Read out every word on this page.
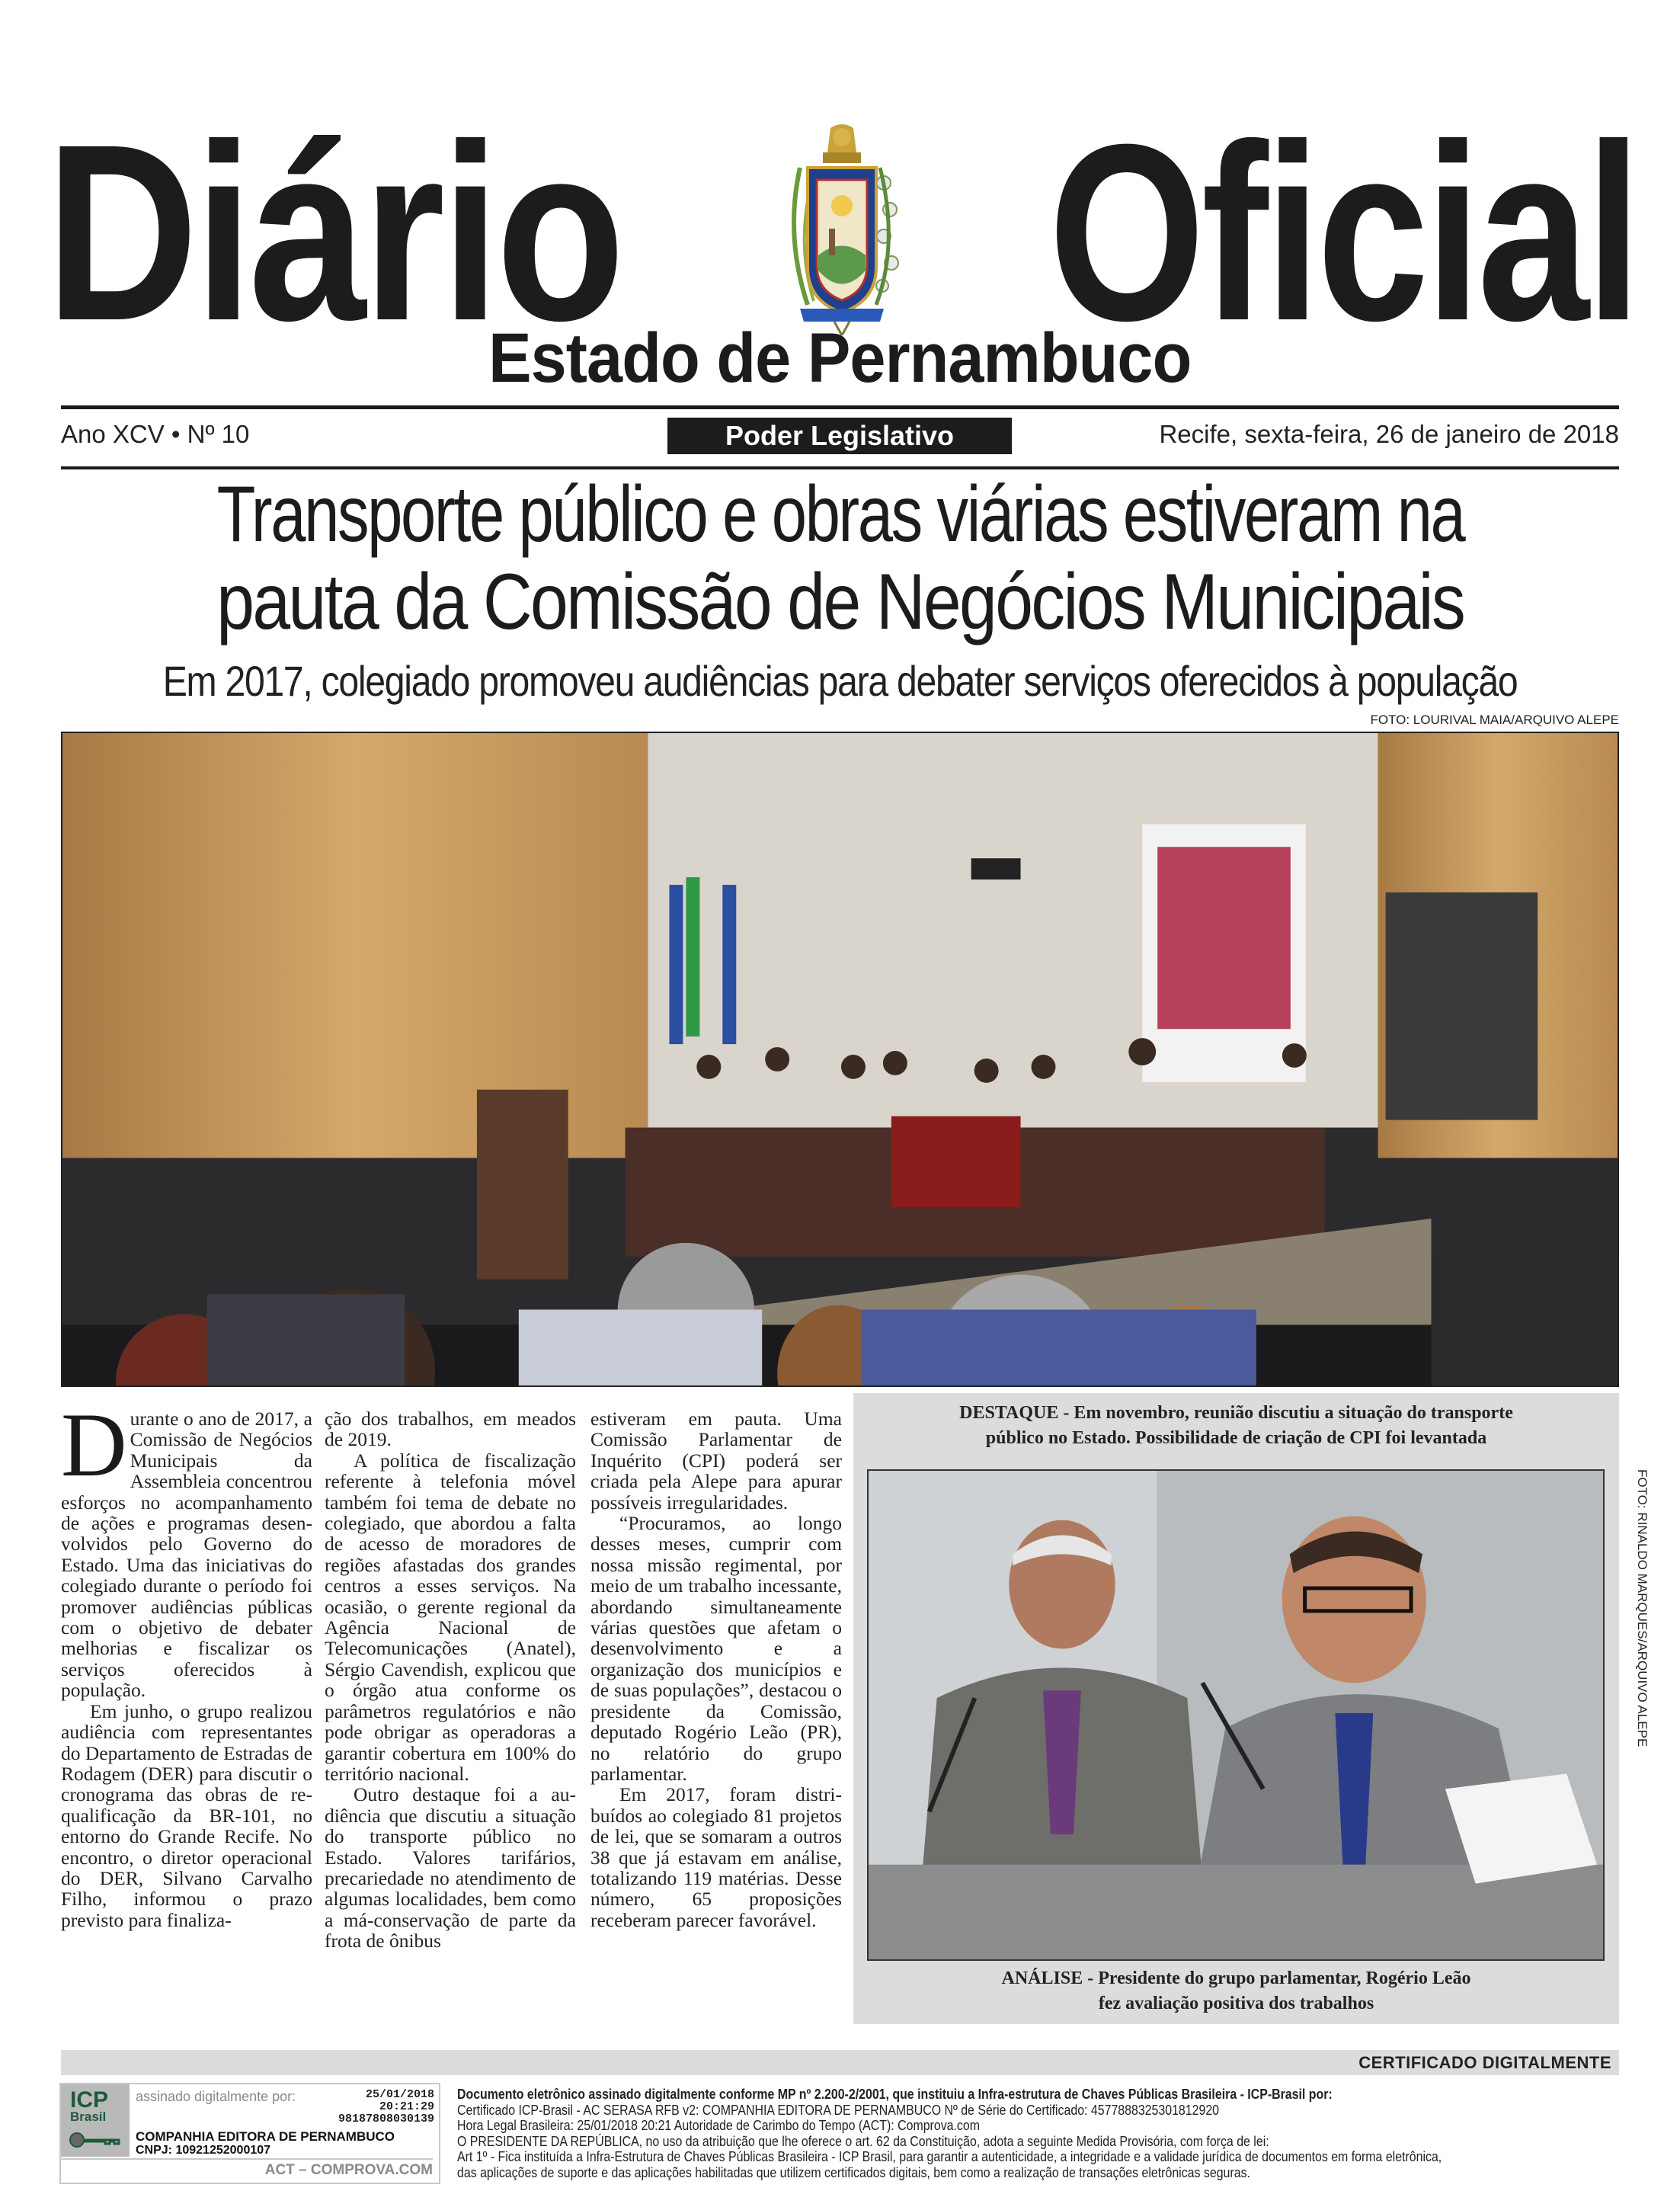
Diário Oficial
Estado de Pernambuco
Ano XCV • Nº 10	Poder Legislativo	Recife, sexta-feira, 26 de janeiro de 2018
Transporte público e obras viárias estiveram na
pauta da Comissão de Negócios Municipais
Em 2017, colegiado promoveu audiências para debater serviços oferecidos à população
FOTO: LOURIVAL MAIA/ARQUIVO ALEPE
D urante o ano de 2017, a Comissão de Negócios Municipais da Assembleia concentrou esforços no acompanhamento de ações e programas desenvolvidos pelo Governo do Estado. Uma das iniciativas do colegiado durante o período foi promover audiências públicas com o objetivo de debater melhorias e fiscalizar os serviços oferecidos à população.

Em junho, o grupo realizou audiência com representantes do Departamento de Estradas de Rodagem (DER) para discutir o cronograma das obras de requalificação da BR-101, no entorno do Grande Recife. No encontro, o diretor operacional do DER, Silvano Carvalho Filho, informou o prazo previsto para finaliza-

ção dos trabalhos, em meados de 2019.

A política de fiscalização referente à telefonia móvel também foi tema de debate no colegiado, que abordou a falta de acesso de moradores de regiões afastadas dos grandes centros a esses serviços. Na ocasião, o gerente regional da Agência Nacional de Telecomunicações (Anatel), Sérgio Cavendish, explicou que o órgão atua conforme os parâmetros regulatórios e não pode obrigar as operadoras a garantir cobertura em 100% do território nacional.

Outro destaque foi a audiência que discutiu a situação do transporte público no Estado. Valores tarifários, precariedade no atendimento de algumas localidades, bem como a má-conservação de parte da frota de ônibus

estiveram em pauta. Uma Comissão Parlamentar de Inquérito (CPI) poderá ser criada pela Alepe para apurar possíveis irregularidades.

“Procuramos, ao longo desses meses, cumprir com nossa missão regimental, por meio de um trabalho incessante, abordando simultaneamente várias questões que afetam o desenvolvimento e a organização dos municípios e de suas populações”, destacou o presidente da Comissão, deputado Rogério Leão (PR), no relatório do grupo parlamentar.

Em 2017, foram distribuídos ao colegiado 81 projetos de lei, que se somaram a outros 38 que já estavam em análise, totalizando 119 matérias. Desse número, 65 proposições receberam parecer favorável.

DESTAQUE - Em novembro, reunião discutiu a situação do transporte
público no Estado. Possibilidade de criação de CPI foi levantada
FOTO: RINALDO MARQUES/ARQUIVO ALEPE
ANÁLISE - Presidente do grupo parlamentar, Rogério Leão
fez avaliação positiva dos trabalhos
CERTIFICADO DIGITALMENTE
ICP
Brasil
assinado digitalmente por:	25/01/2018
20:21:29
98187808030139
COMPANHIA EDITORA DE PERNAMBUCO
CNPJ: 10921252000107
ACT – COMPROVA.COM
Documento eletrônico assinado digitalmente conforme MP nº 2.200-2/2001, que instituiu a Infra-estrutura de Chaves Públicas Brasileira - ICP-Brasil por:
Certificado ICP-Brasil - AC SERASA RFB v2: COMPANHIA EDITORA DE PERNAMBUCO Nº de Série do Certificado: 4577888325301812920
Hora Legal Brasileira: 25/01/2018 20:21 Autoridade de Carimbo do Tempo (ACT): Comprova.com
O PRESIDENTE DA REPÚBLICA, no uso da atribuição que lhe oferece o art. 62 da Constituição, adota a seguinte Medida Provisória, com força de lei:
Art 1º - Fica instituída a Infra-Estrutura de Chaves Públicas Brasileira - ICP Brasil, para garantir a autenticidade, a integridade e a validade jurídica de documentos em forma eletrônica,
das aplicações de suporte e das aplicações habilitadas que utilizem certificados digitais, bem como a realização de transações eletrônicas seguras.
